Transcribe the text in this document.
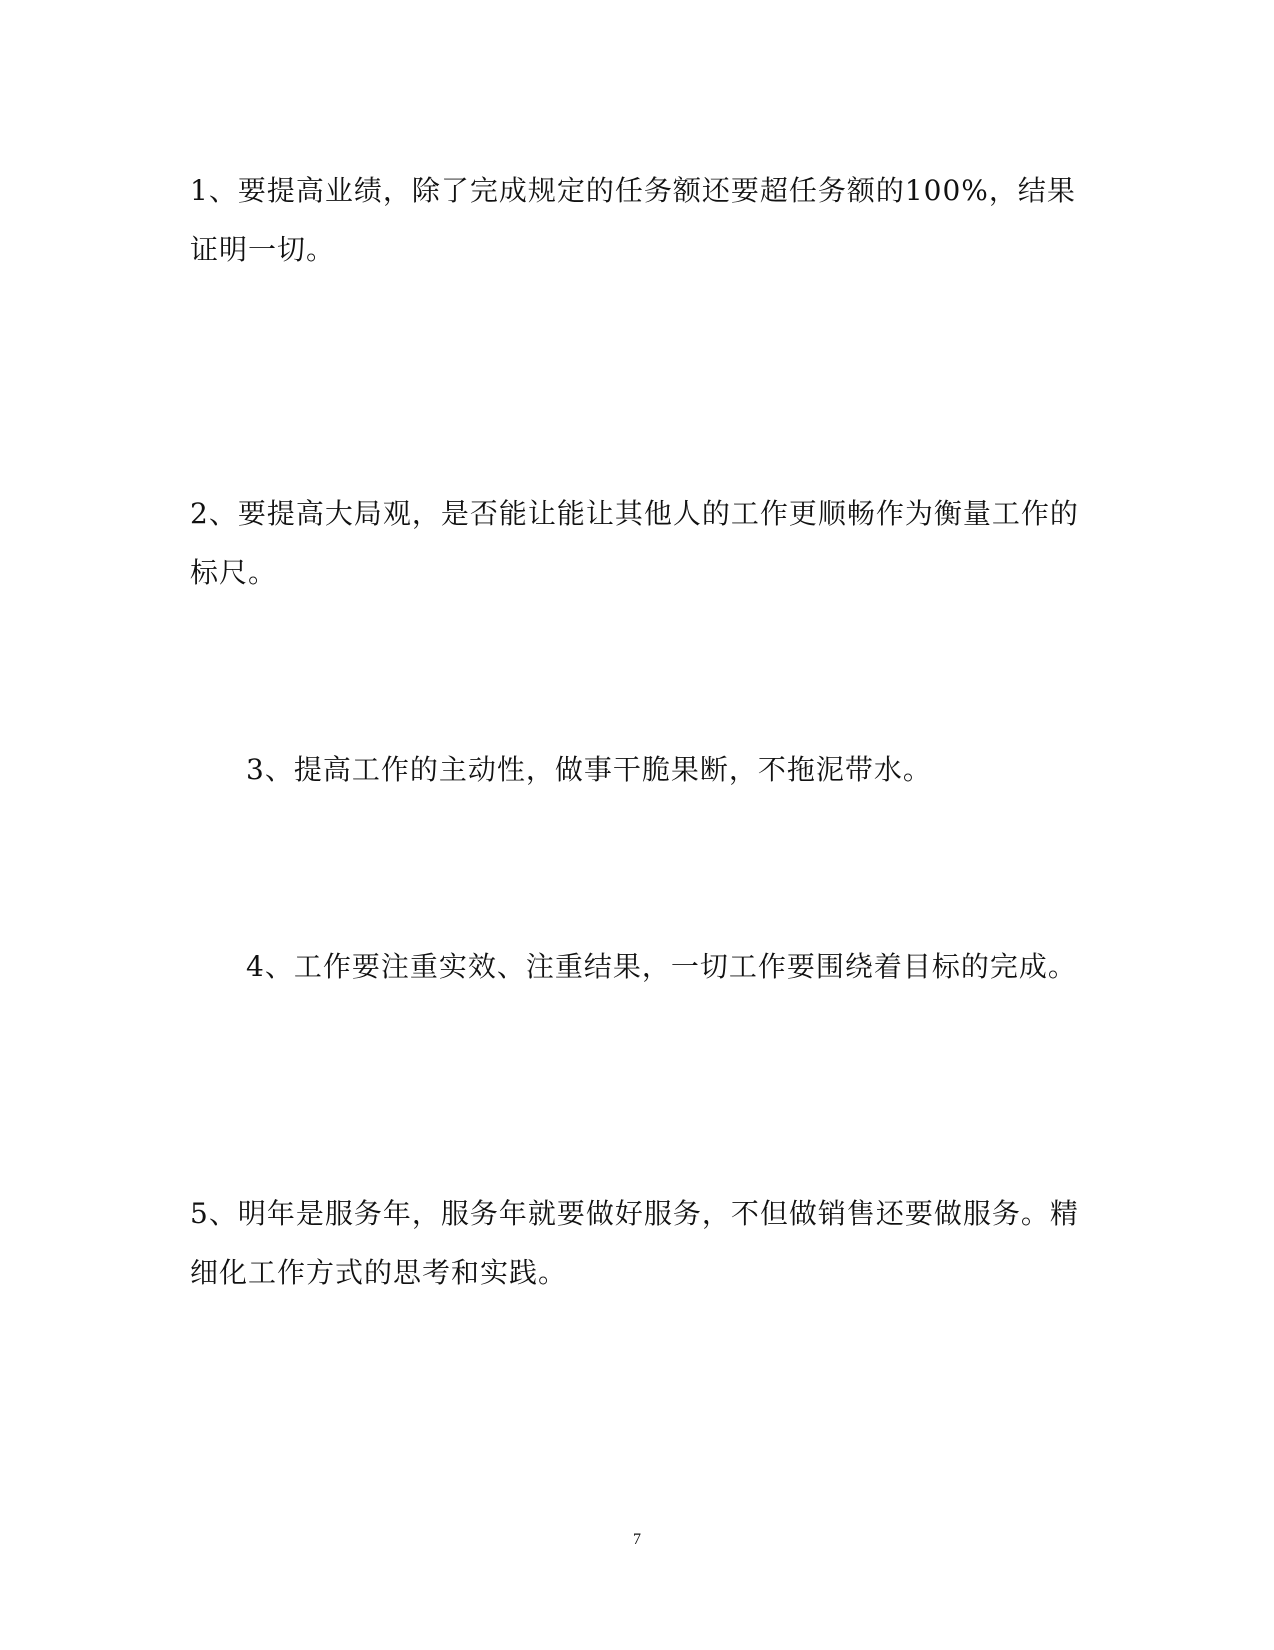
1、要提高业绩，除了完成规定的任务额还要超任务额的100%，结果证明一切。

2、要提高大局观，是否能让能让其他人的工作更顺畅作为衡量工作的标尺。

3、提高工作的主动性，做事干脆果断，不拖泥带水。

4、工作要注重实效、注重结果，一切工作要围绕着目标的完成。

5、明年是服务年，服务年就要做好服务，不但做销售还要做服务。精细化工作方式的思考和实践。

7
